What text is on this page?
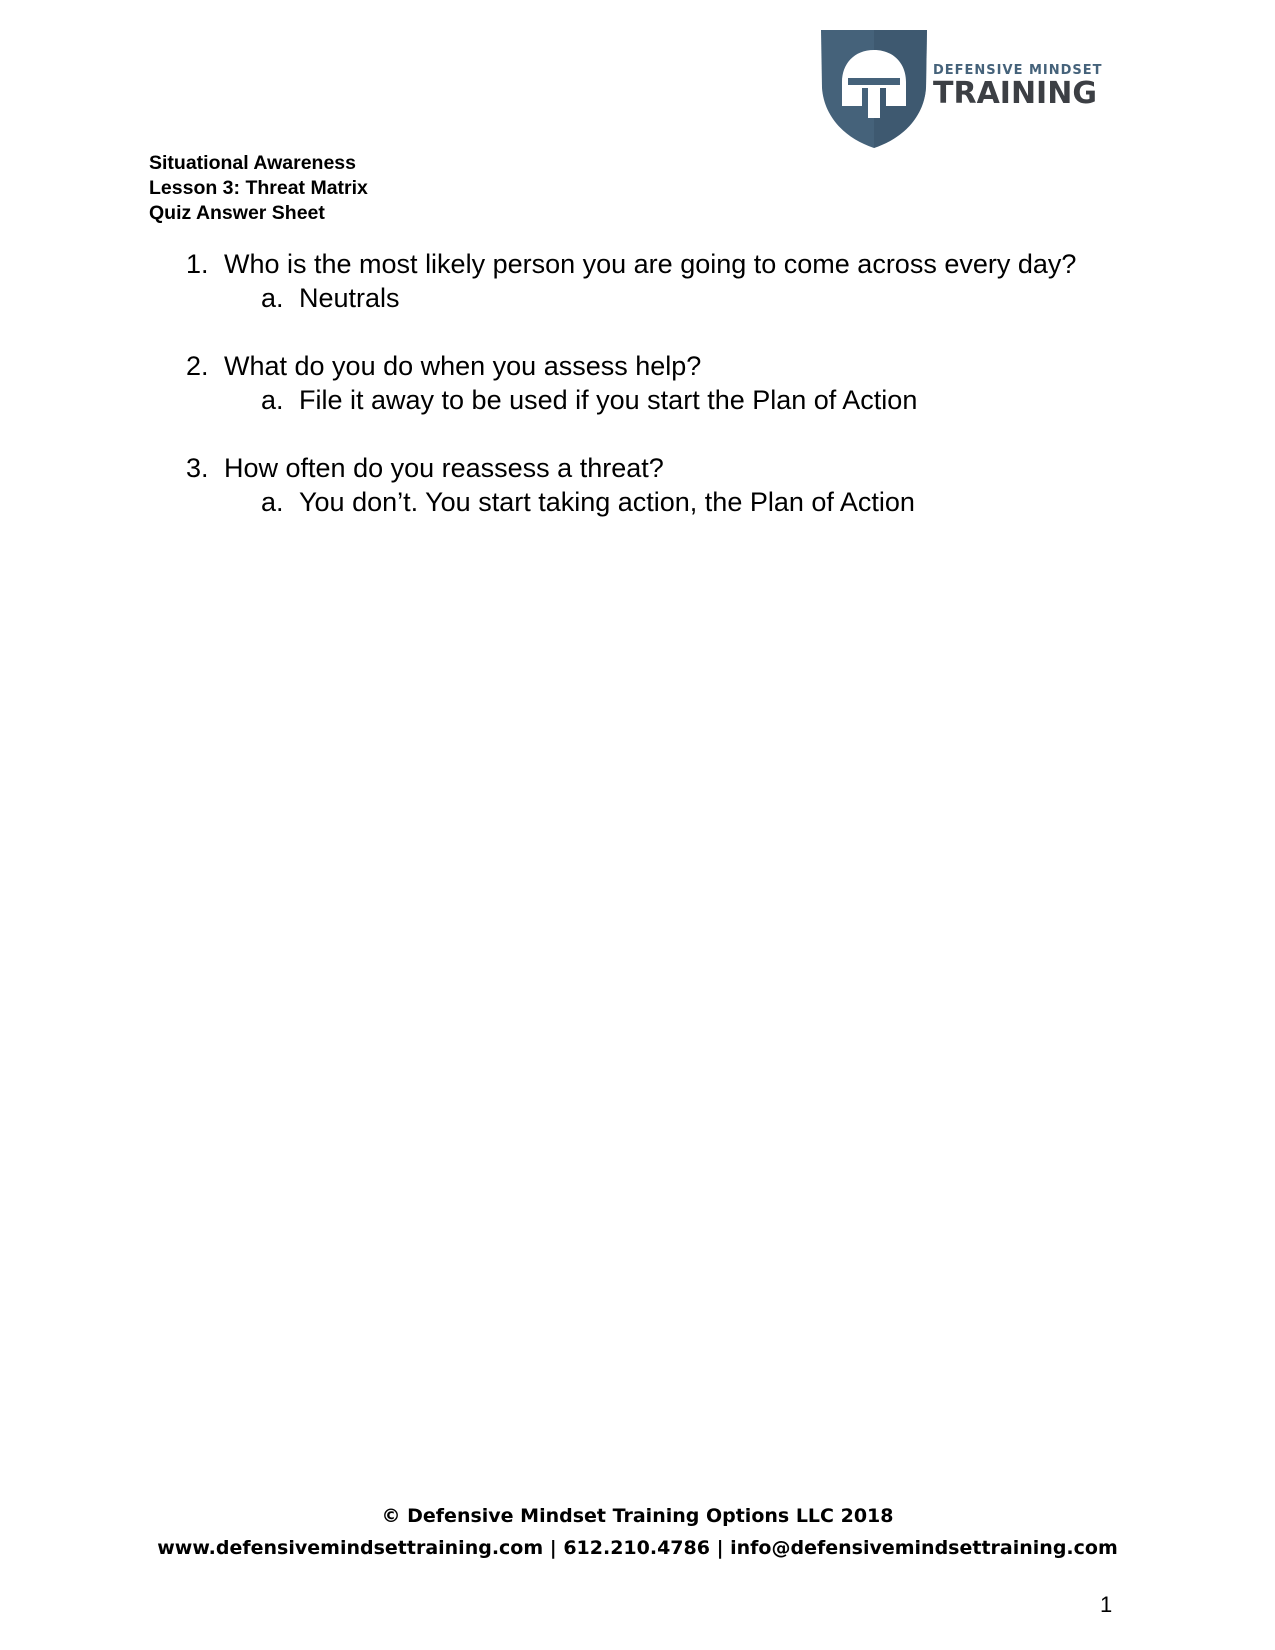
DEFENSIVE MINDSET
TRAINING
Situational Awareness
Lesson 3: Threat Matrix
Quiz Answer Sheet
1. Who is the most likely person you are going to come across every day?
a. Neutrals
2. What do you do when you assess help?
a. File it away to be used if you start the Plan of Action
3. How often do you reassess a threat?
a. You don’t. You start taking action, the Plan of Action
© Defensive Mindset Training Options LLC 2018
www.defensivemindsettraining.com | 612.210.4786 | info@defensivemindsettraining.com
1
